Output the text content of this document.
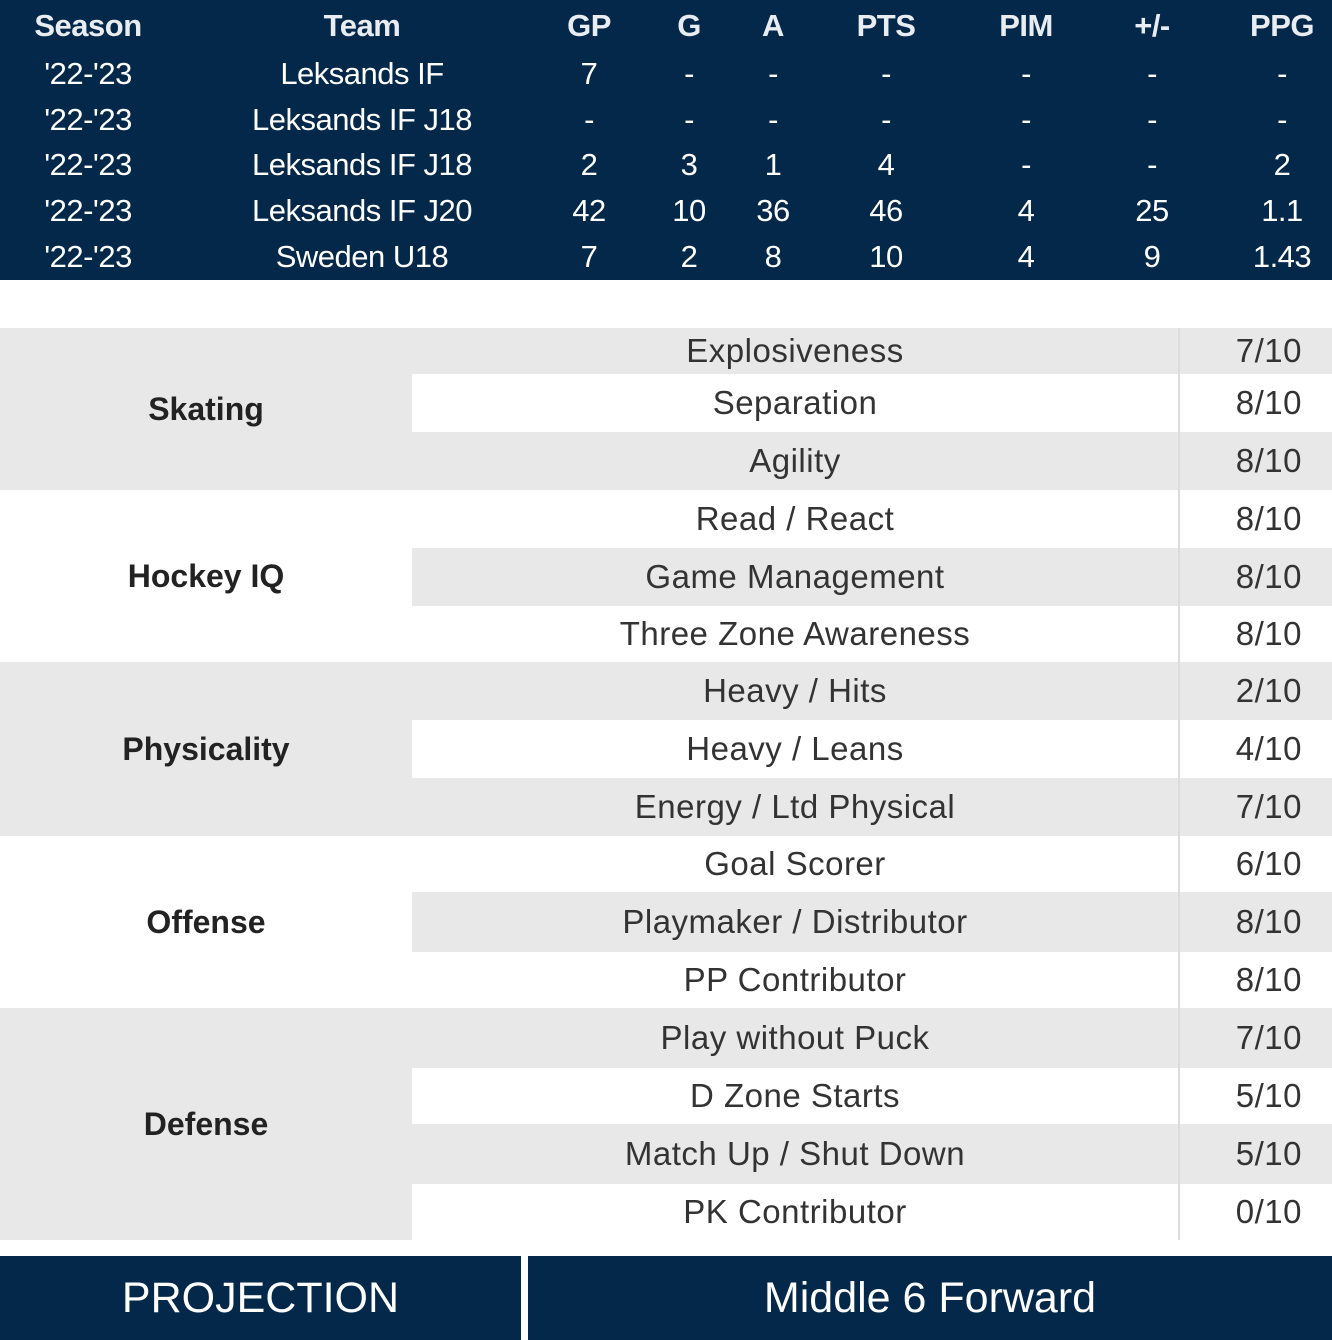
Season	Team	GP	G	A	PTS	PIM	+/-	PPG
'22-'23	Leksands IF	7	-	-	-	-	-	-
'22-'23	Leksands IF J18	-	-	-	-	-	-	-
'22-'23	Leksands IF J18	2	3	1	4	-	-	2
'22-'23	Leksands IF J20	42	10	36	46	4	25	1.1
'22-'23	Sweden U18	7	2	8	10	4	9	1.43
Skating
Explosiveness	7/10
Separation	8/10
Agility	8/10
Hockey IQ
Read / React	8/10
Game Management	8/10
Three Zone Awareness	8/10
Physicality
Heavy / Hits	2/10
Heavy / Leans	4/10
Energy / Ltd Physical	7/10
Offense
Goal Scorer	6/10
Playmaker / Distributor	8/10
PP Contributor	8/10
Defense
Play without Puck	7/10
D Zone Starts	5/10
Match Up / Shut Down	5/10
PK Contributor	0/10
PROJECTION	Middle 6 Forward
